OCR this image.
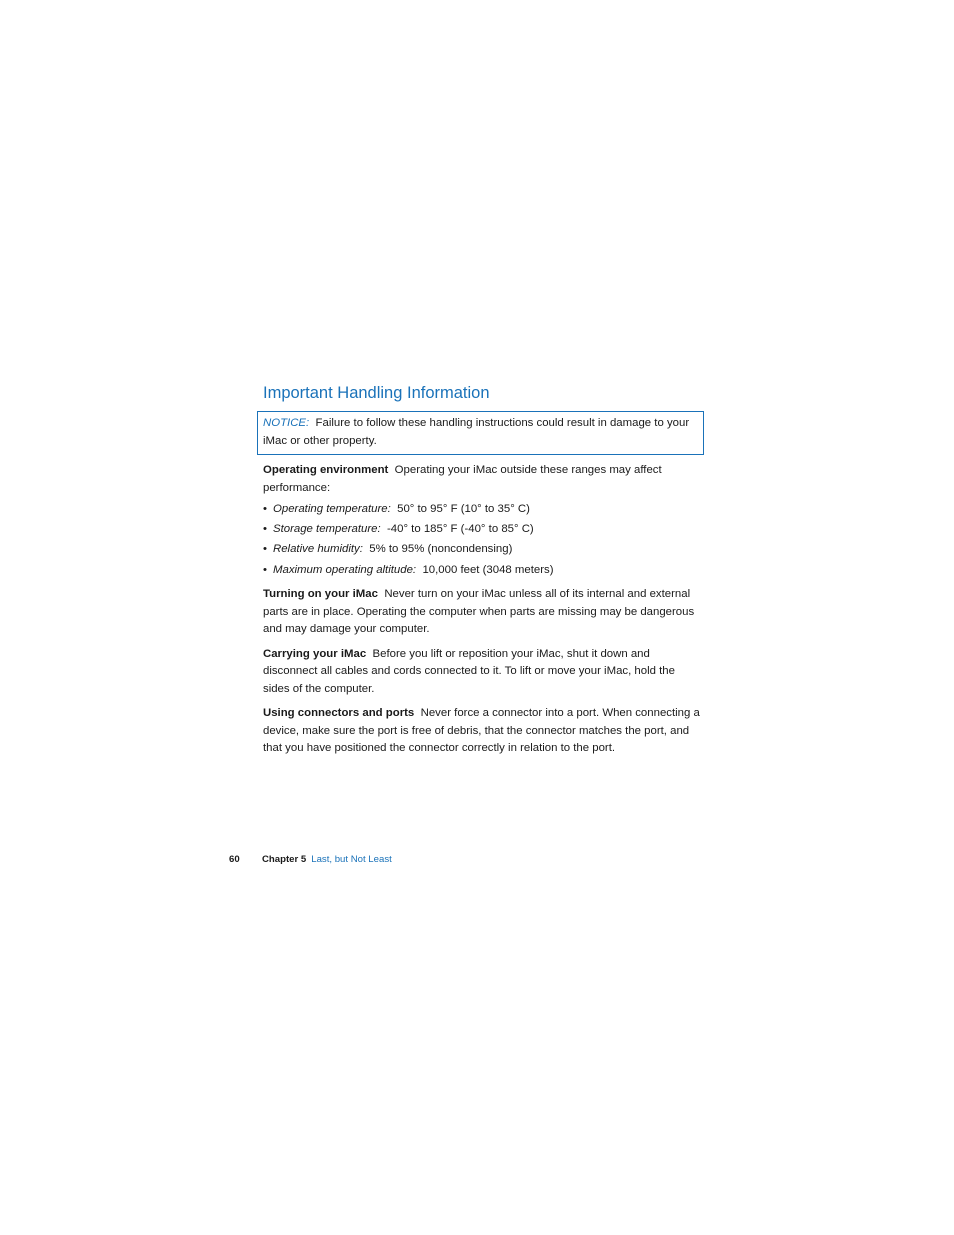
Important Handling Information
NOTICE: Failure to follow these handling instructions could result in damage to your iMac or other property.

Operating environment Operating your iMac outside these ranges may affect performance:

• Operating temperature: 50° to 95° F (10° to 35° C)
• Storage temperature: -40° to 185° F (-40° to 85° C)
• Relative humidity: 5% to 95% (noncondensing)
• Maximum operating altitude: 10,000 feet (3048 meters)

Turning on your iMac Never turn on your iMac unless all of its internal and external parts are in place. Operating the computer when parts are missing may be dangerous and may damage your computer.

Carrying your iMac Before you lift or reposition your iMac, shut it down and disconnect all cables and cords connected to it. To lift or move your iMac, hold the sides of the computer.

Using connectors and ports Never force a connector into a port. When connecting a device, make sure the port is free of debris, that the connector matches the port, and that you have positioned the connector correctly in relation to the port.

60 Chapter 5 Last, but Not Least
